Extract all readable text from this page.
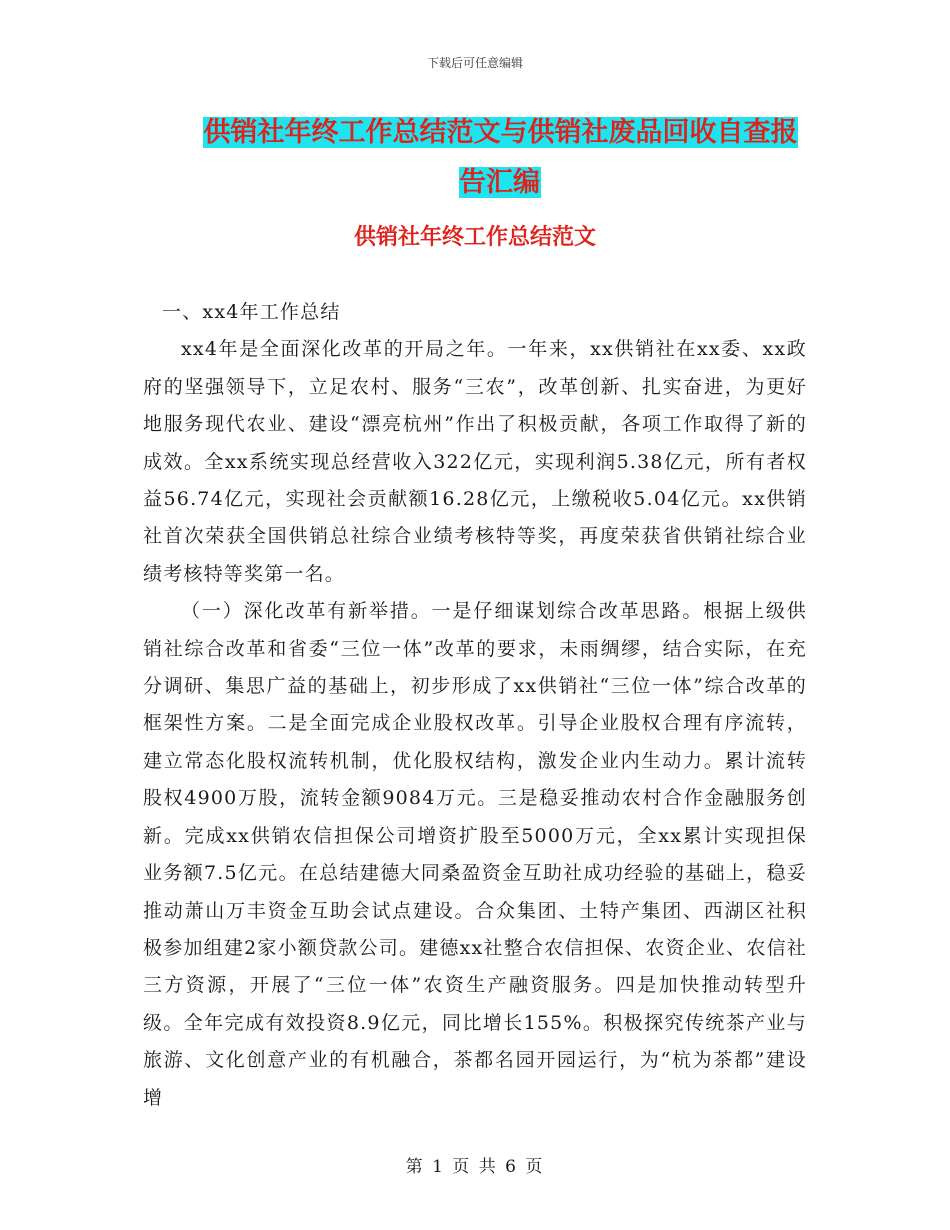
下载后可任意编辑
供销社年终工作总结范文与供销社废品回收自查报告汇编
供销社年终工作总结范文

一、xx4年工作总结

xx4年是全面深化改革的开局之年。一年来，xx供销社在xx委、xx政府的坚强领导下，立足农村、服务“三农”，改革创新、扎实奋进，为更好地服务现代农业、建设“漂亮杭州”作出了积极贡献，各项工作取得了新的成效。全xx系统实现总经营收入322亿元，实现利润5.38亿元，所有者权益56.74亿元，实现社会贡献额16.28亿元，上缴税收5.04亿元。xx供销社首次荣获全国供销总社综合业绩考核特等奖，再度荣获省供销社综合业绩考核特等奖第一名。

（一）深化改革有新举措。一是仔细谋划综合改革思路。根据上级供销社综合改革和省委“三位一体”改革的要求，未雨绸缪，结合实际，在充分调研、集思广益的基础上，初步形成了xx供销社“三位一体”综合改革的框架性方案。二是全面完成企业股权改革。引导企业股权合理有序流转，建立常态化股权流转机制，优化股权结构，激发企业内生动力。累计流转股权4900万股，流转金额9084万元。三是稳妥推动农村合作金融服务创新。完成xx供销农信担保公司增资扩股至5000万元，全xx累计实现担保业务额7.5亿元。在总结建德大同桑盈资金互助社成功经验的基础上，稳妥推动萧山万丰资金互助会试点建设。合众集团、土特产集团、西湖区社积极参加组建2家小额贷款公司。建德xx社整合农信担保、农资企业、农信社三方资源，开展了“三位一体”农资生产融资服务。四是加快推动转型升级。全年完成有效投资8.9亿元，同比增长155%。积极探究传统茶产业与旅游、文化创意产业的有机融合，茶都名园开园运行，为“杭为茶都”建设增

第 1 页 共 6 页
